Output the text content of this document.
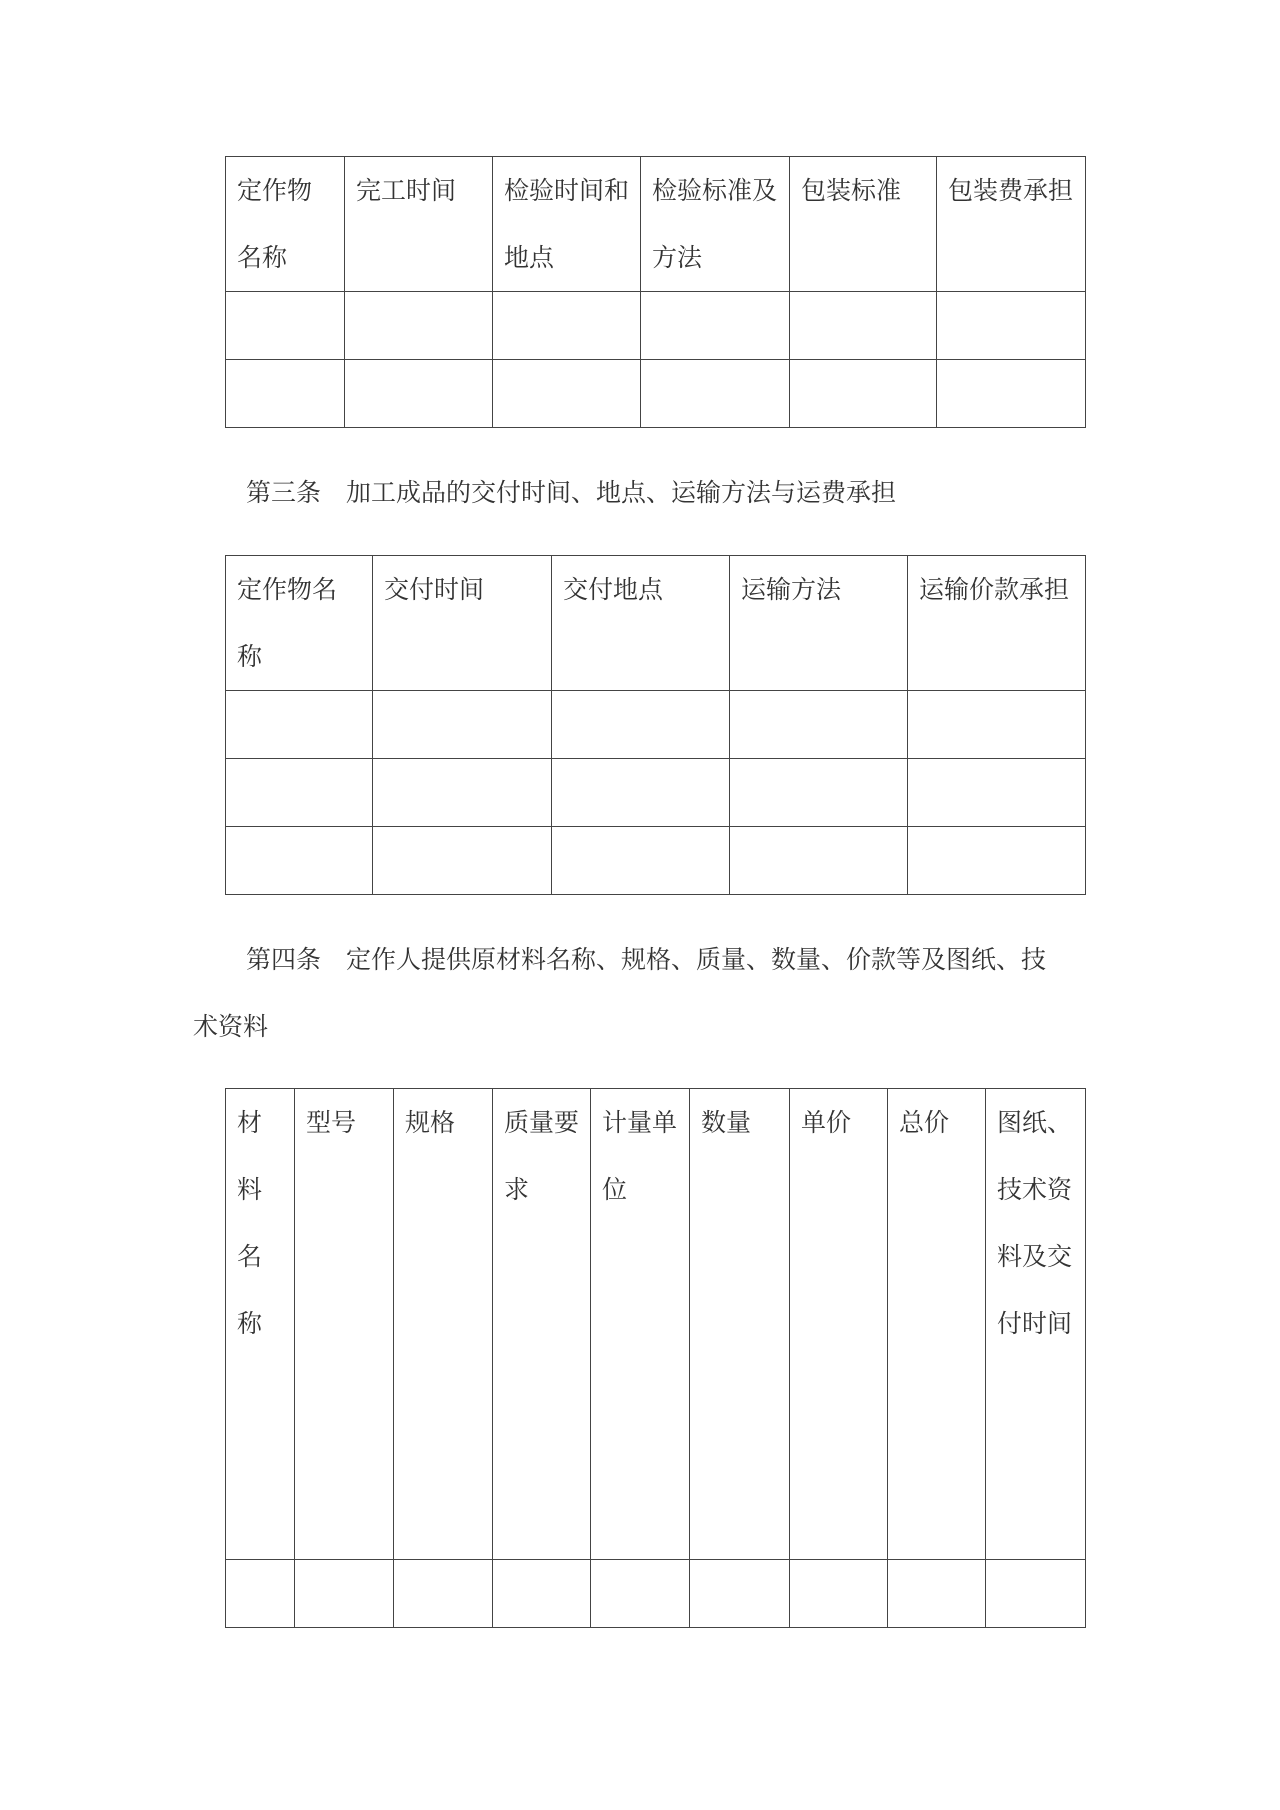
定作物名称	完工时间	检验时间和地点	检验标准及方法	包装标准	包装费承担

第三条　加工成品的交付时间、地点、运输方法与运费承担
定作物名称	交付时间	交付地点	运输方法	运输价款承担

第四条　定作人提供原材料名称、规格、质量、数量、价款等及图纸、技
术资料
材料名称	型号	规格	质量要求	计量单位	数量	单价	总价	图纸、技术资料及交付时间
